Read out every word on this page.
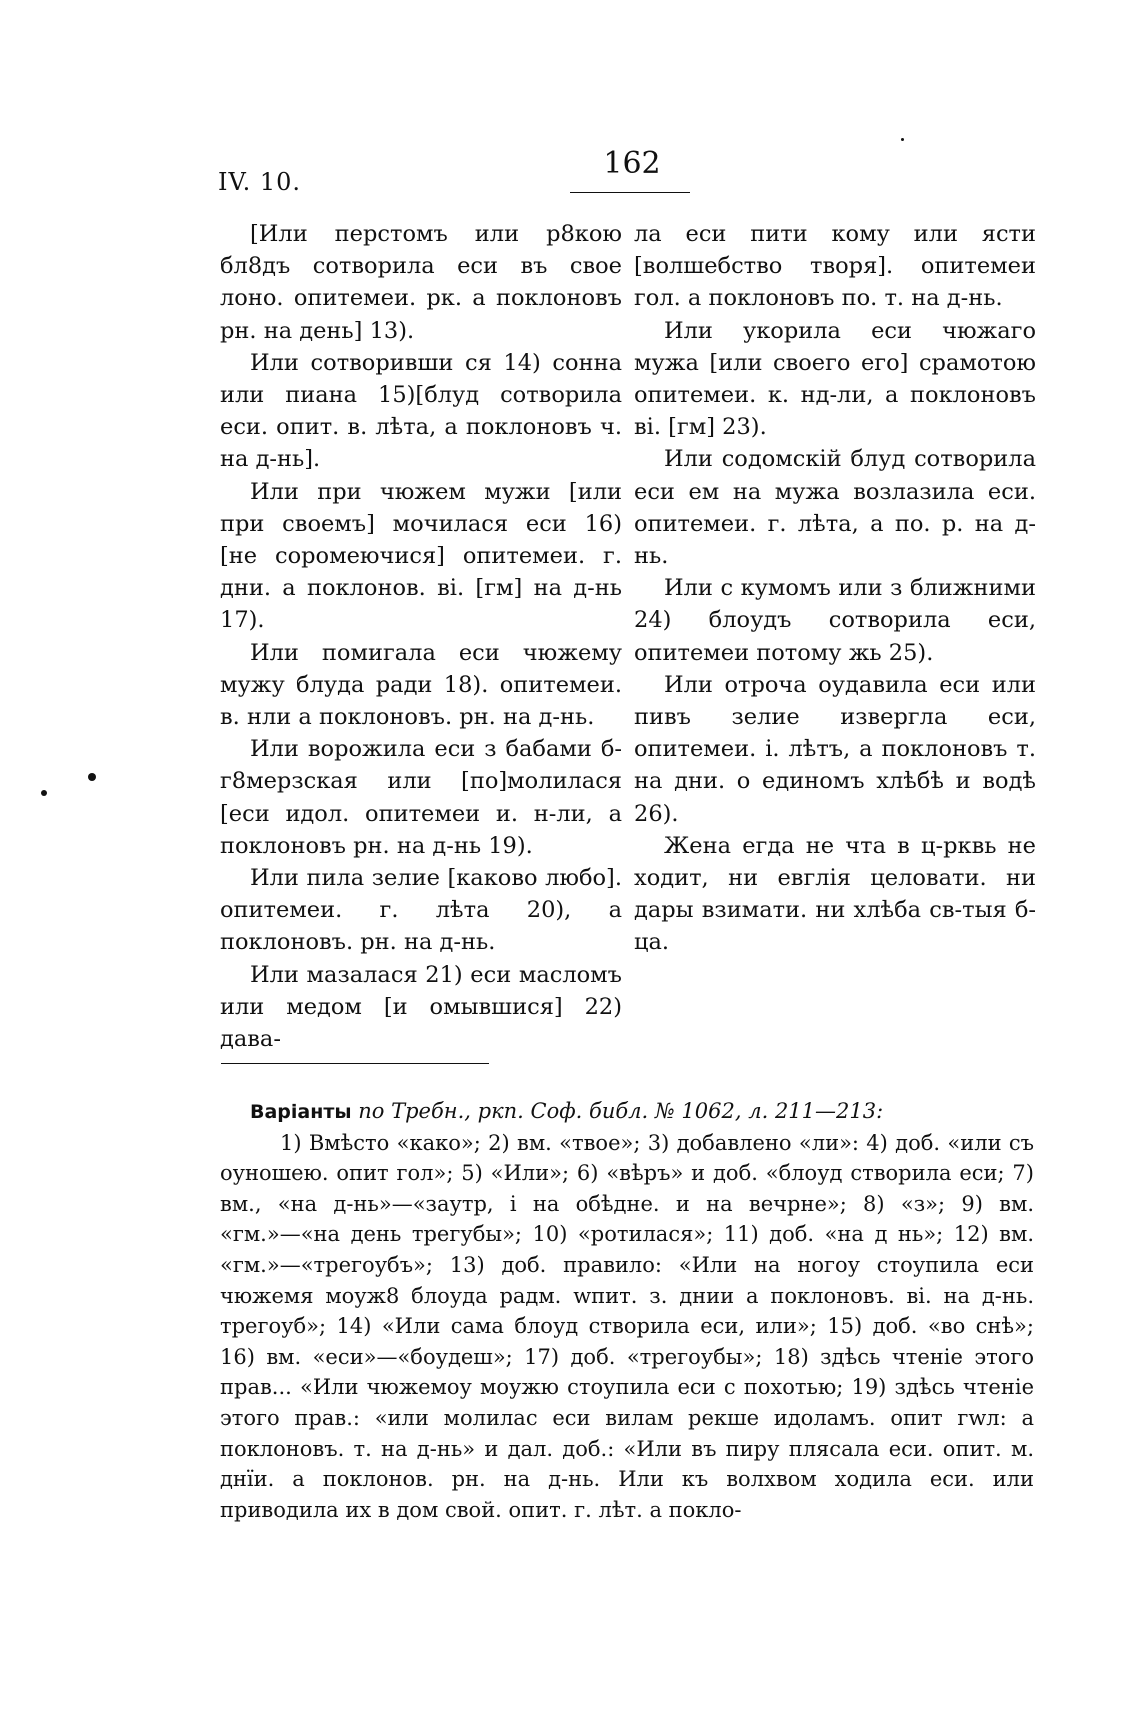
IV. 10.
162

[Или перстомъ или р8кою бл8дъ сотворила еси въ свое лоно. опитемеи. рк. а поклоновъ рн. на день] 13).

Или сотворивши ся 14) сонна или пиана 15)[блуд сотворила еси. опит. в. лѣта, а поклоновъ ч. на д-нь].

Или при чюжем мужи [или при своемъ] мочилася еси 16) [не соромеючися] опитемеи. г. дни. а поклонов. ві. [гм] на д-нь 17).

Или помигала еси чюжему мужу блуда ради 18). опитемеи. в. нли а поклоновъ. рн. на д-нь.

Или ворожила еси з бабами б-г8мерзская или [по]молилася [еси идол. опитемеи и. н-ли, а поклоновъ рн. на д-нь 19).

Или пила зелие [каково любо]. опитемеи. г. лѣта 20), а поклоновъ. рн. на д-нь.

Или мазалася 21) еси масломъ или медом [и омывшися] 22) дава-

ла еси пити кому или ясти [волшебство творя]. опитемеи гол. а поклоновъ по. т. на д-нь.

Или укорила еси чюжаго мужа [или своего его] срамотою опитемеи. к. нд-ли, а поклоновъ ві. [гм] 23).

Или содомскій блуд сотворила еси ем на мужа возлазила еси. опитемеи. г. лѣта, а по. р. на д-нь.

Или с кумомъ или з ближними 24) блоудъ сотворила еси, опитемеи потому жь 25).

Или отроча оудавила еси или пивъ зелие извергла еси, опитемеи. і. лѣтъ, а поклоновъ т. на дни. о единомъ хлѣбѣ и водѣ 26).

Жена егда не чта в ц-рквь не ходит, ни евглія целовати. ни дары взимати. ни хлѣба св-тыя б-ца.

Варіанты по Требн., ркп. Соф. библ. № 1062, л. 211—213:

1) Вмѣсто «како»; 2) вм. «твое»; 3) добавлено «ли»: 4) доб. «или съ оуношею. опит гол»; 5) «Или»; 6) «вѣръ» и доб. «блоуд створила еси; 7) вм., «на д-нь»—«заутр, і на обѣдне. и на вечрне»; 8) «з»; 9) вм. «гм.»—«на день трегубы»; 10) «ротилася»; 11) доб. «на д нь»; 12) вм. «гм.»—«трегоубъ»; 13) доб. правило: «Или на ногоу стоупила еси чюжемя моуж8 блоуда радм. wпит. з. днии а поклоновъ. ві. на д-нь. трегоуб»; 14) «Или сама блоуд створила еси, или»; 15) доб. «во снѣ»; 16) вм. «еси»—«боудеш»; 17) доб. «трегоубы»; 18) здѣсь чтеніе этого прав... «Или чюжемоу моужю стоупила еси с похотью; 19) здѣсь чтеніе этого прав.: «или молилас еси вилам рекше идоламъ. опит гwл: а поклоновъ. т. на д-нь» и дал. доб.: «Или въ пиру плясала еси. опит. м. днїи. а поклонов. рн. на д-нь. Или къ волхвом ходила еси. или приводила их в дом свой. опит. г. лѣт. а покло-
